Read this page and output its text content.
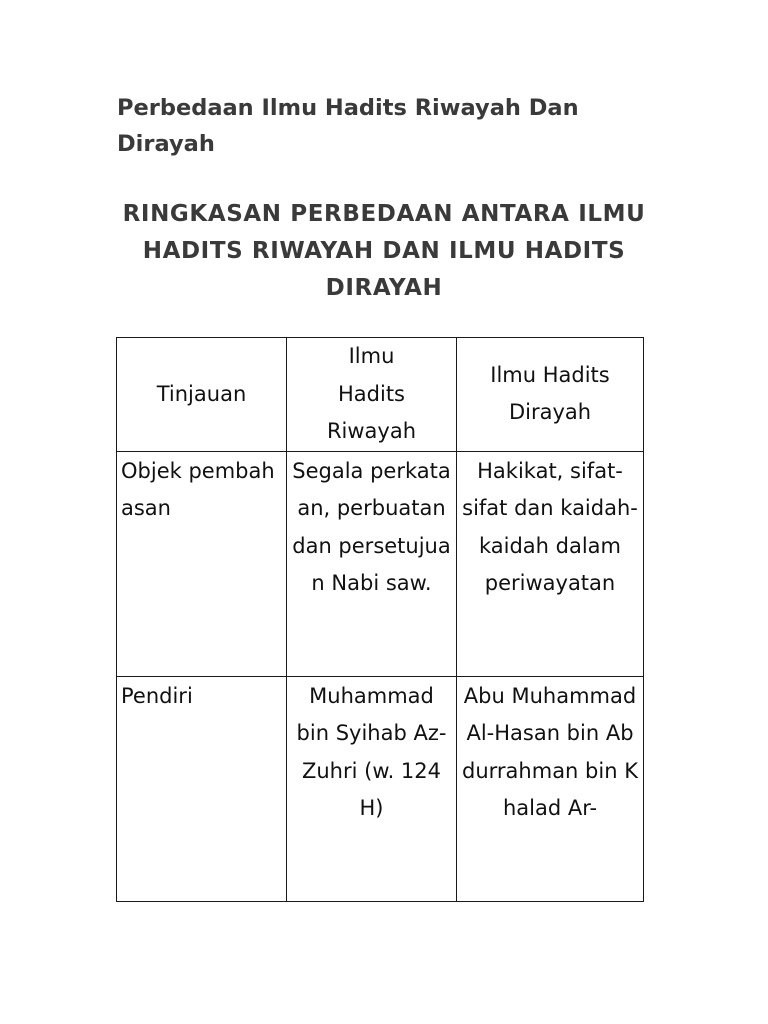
Perbedaan Ilmu Hadits Riwayah Dan Dirayah
RINGKASAN PERBEDAAN ANTARA ILMU HADITS RIWAYAH DAN ILMU HADITS DIRAYAH
Tinjauan	Ilmu Hadits Riwayah	Ilmu Hadits Dirayah

Objek pembahasan	Segala perkataan, perbuatan dan persetujuan Nabi saw.	Hakikat, sifat-sifat dan kaidah-kaidah dalam periwayatan

Pendiri	Muhammad bin Syihab Az-Zuhri (w. 124 H)	Abu Muhammad Al-Hasan bin Abdurrahman bin Khalad Ar-
